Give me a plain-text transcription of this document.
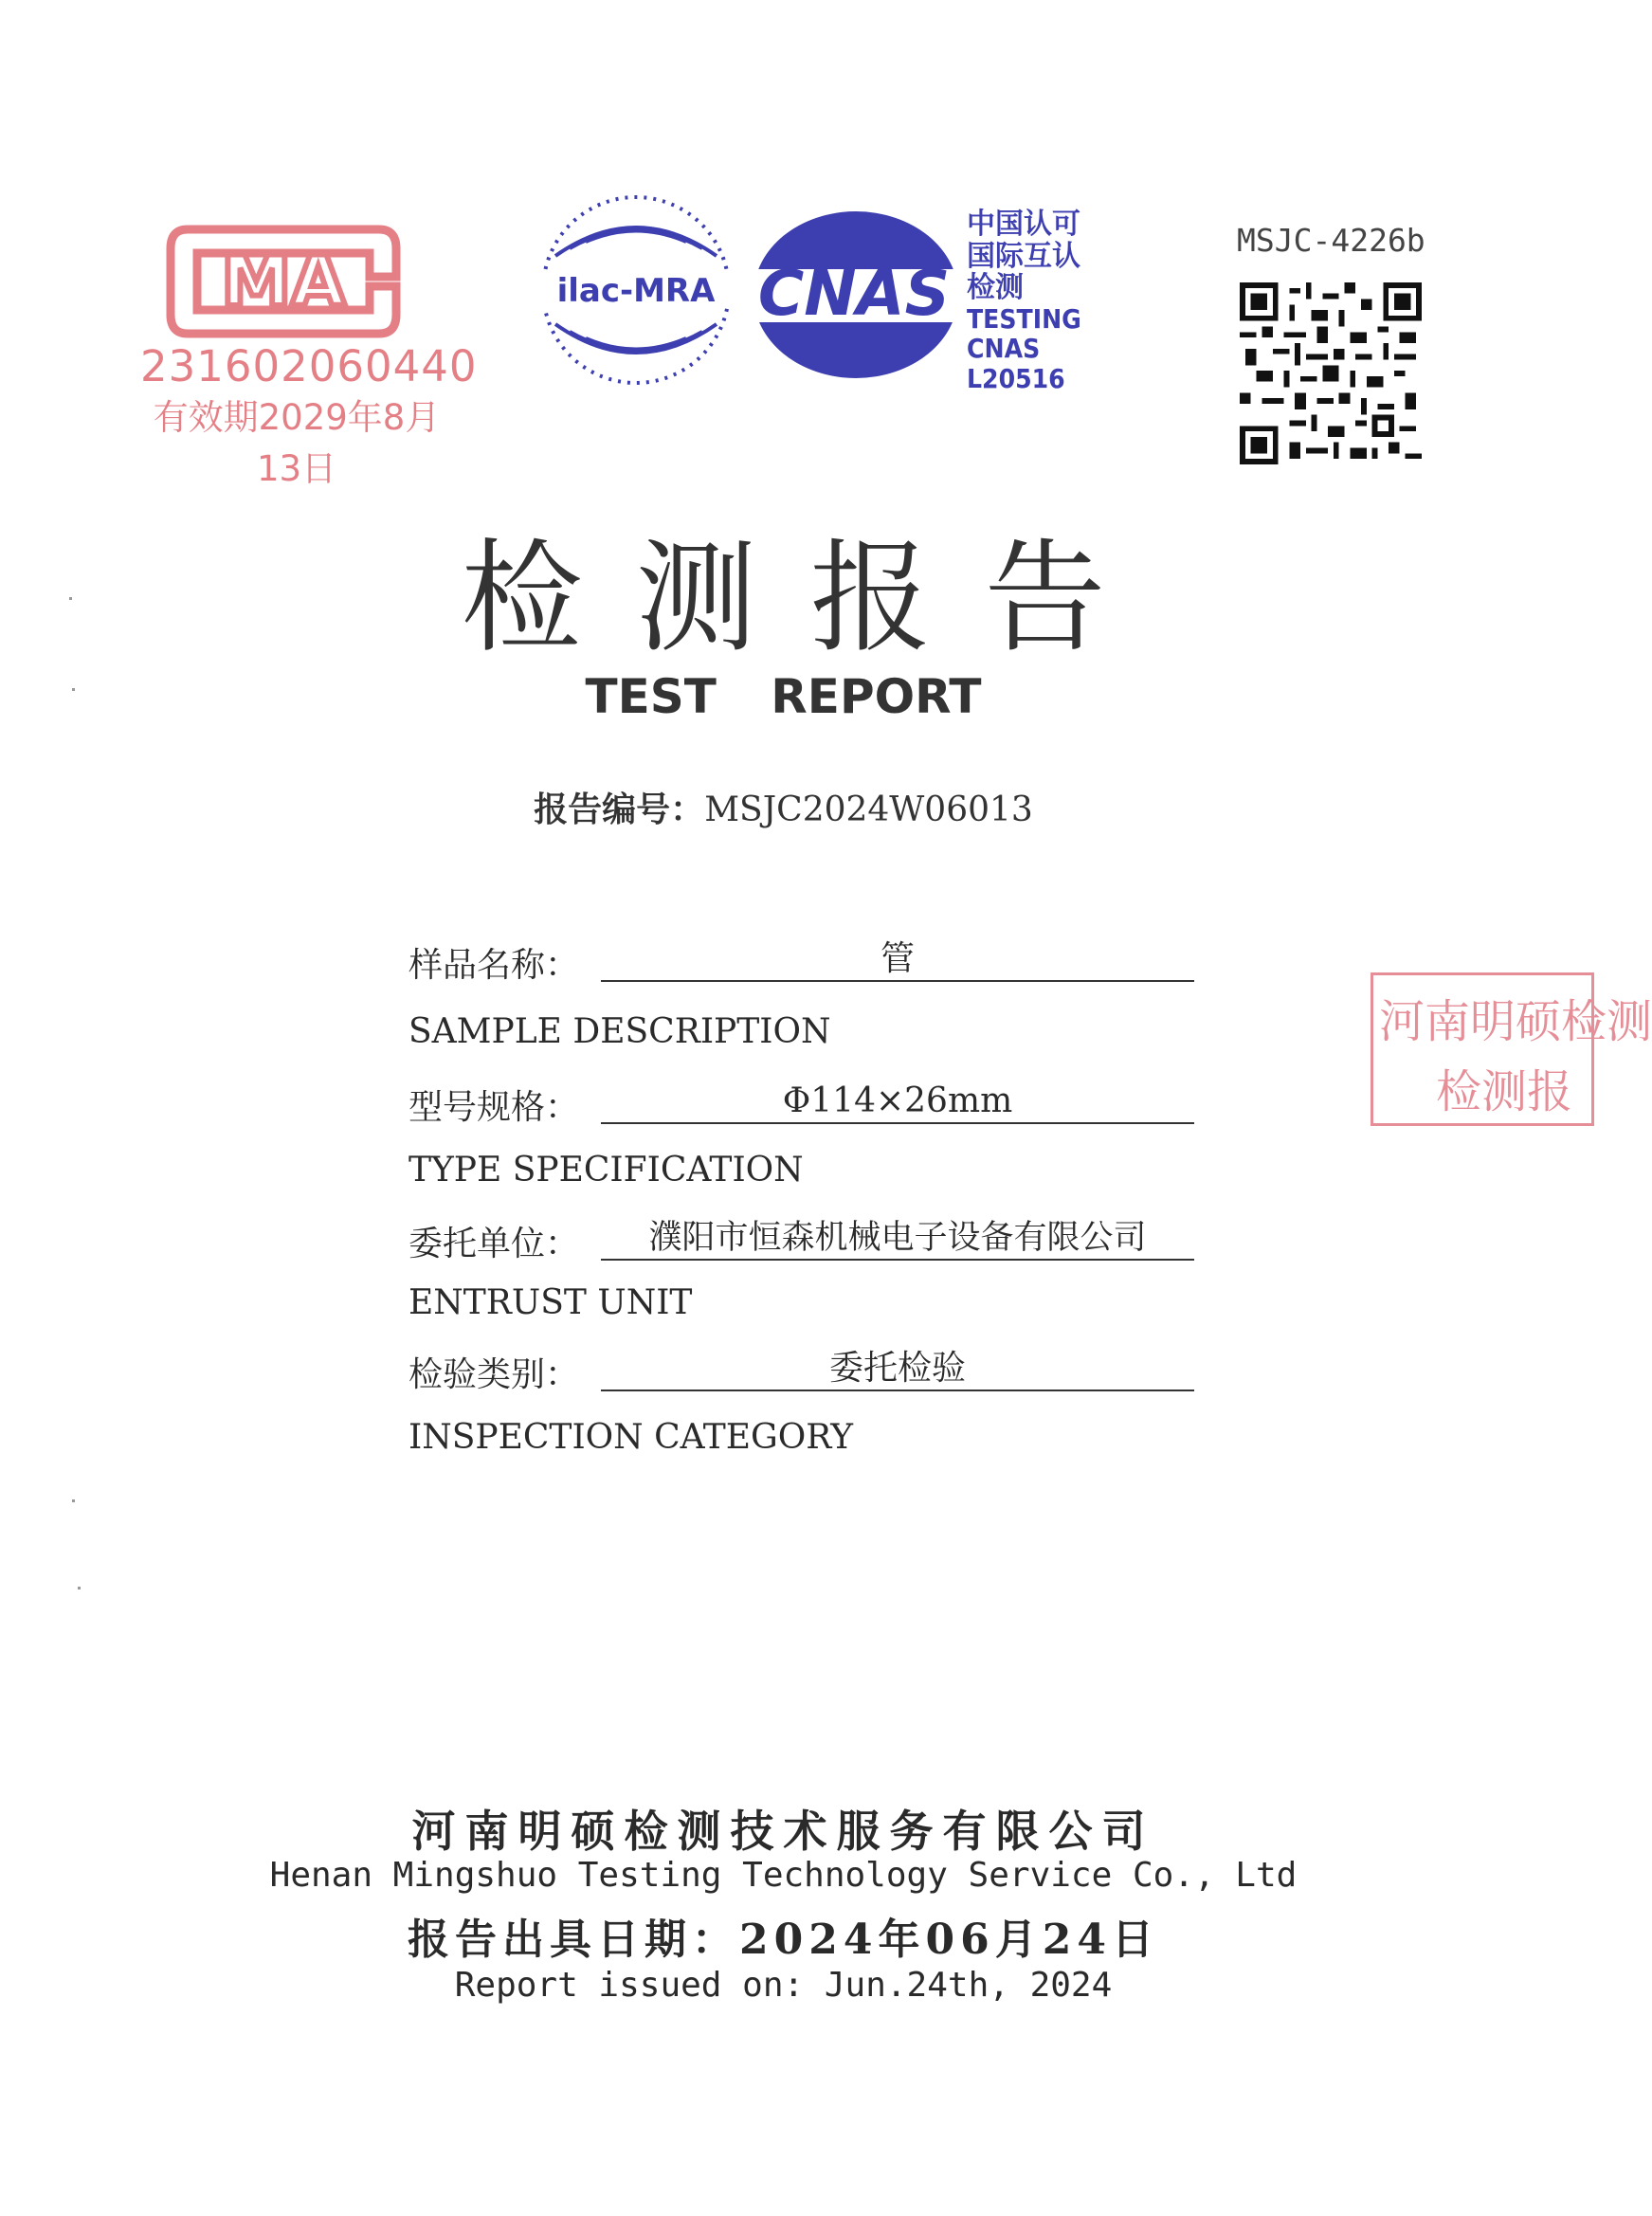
MA
231602060440
有效期2029年8月13日
ilac-MRA CNAS
中国认可
国际互认
检测
TESTING
CNAS L20516
MSJC-4226b
检测报告
TEST REPORT
报告编号：MSJC2024W06013
样品名称：	管
SAMPLE DESCRIPTION
型号规格：	Φ114×26mm
TYPE SPECIFICATION
委托单位：	濮阳市恒森机械电子设备有限公司
ENTRUST UNIT
检验类别：	委托检验
INSPECTION CATEGORY
河南明硕检测
检测报
河南明硕检测技术服务有限公司
Henan Mingshuo Testing Technology Service Co., Ltd
报告出具日期：2024年06月24日
Report issued on: Jun.24th, 2024
